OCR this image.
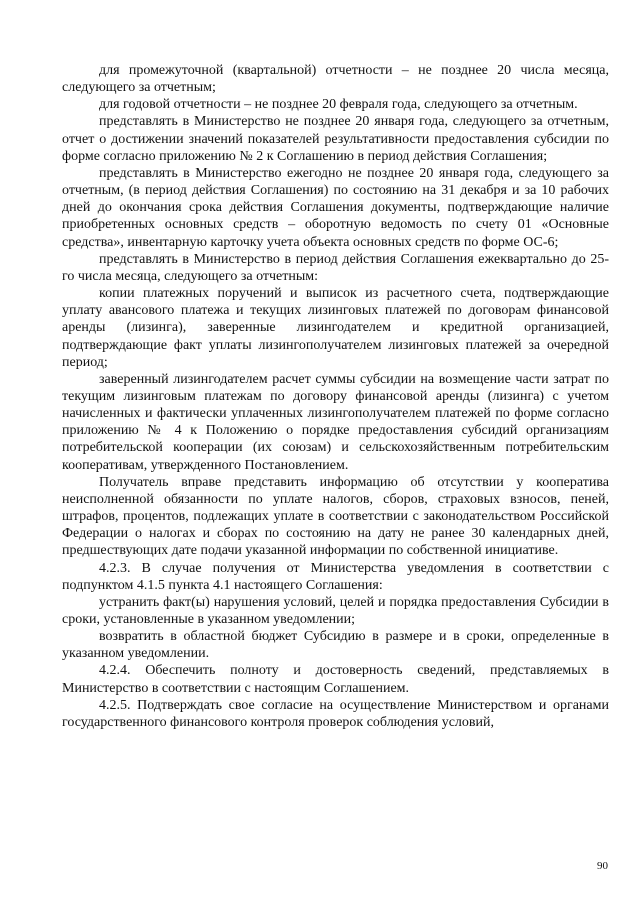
для промежуточной (квартальной) отчетности – не позднее 20 числа месяца, следующего за отчетным;

для годовой отчетности – не позднее 20 февраля года, следующего за отчетным.

представлять в Министерство не позднее 20 января года, следующего за отчетным, отчет о достижении значений показателей результативности предоставления субсидии по форме согласно приложению № 2 к Соглашению в период действия Соглашения;

представлять в Министерство ежегодно не позднее 20 января года, следующего за отчетным, (в период действия Соглашения) по состоянию на 31 декабря и за 10 рабочих дней до окончания срока действия Соглашения документы, подтверждающие наличие приобретенных основных средств – оборотную ведомость по счету 01 «Основные средства», инвентарную карточку учета объекта основных средств по форме ОС-6;

представлять в Министерство в период действия Соглашения ежеквартально до 25-го числа месяца, следующего за отчетным:

копии платежных поручений и выписок из расчетного счета, подтверждающие уплату авансового платежа и текущих лизинговых платежей по договорам финансовой аренды (лизинга), заверенные лизингодателем и кредитной организацией, подтверждающие факт уплаты лизингополучателем лизинговых платежей за очередной период;

заверенный лизингодателем расчет суммы субсидии на возмещение части затрат по текущим лизинговым платежам по договору финансовой аренды (лизинга) с учетом начисленных и фактически уплаченных лизингополучателем платежей по форме согласно приложению № 4 к Положению о порядке предоставления субсидий организациям потребительской кооперации (их союзам) и сельскохозяйственным потребительским кооперативам, утвержденного Постановлением.

Получатель вправе представить информацию об отсутствии у кооператива неисполненной обязанности по уплате налогов, сборов, страховых взносов, пеней, штрафов, процентов, подлежащих уплате в соответствии с законодательством Российской Федерации о налогах и сборах по состоянию на дату не ранее 30 календарных дней, предшествующих дате подачи указанной информации по собственной инициативе.

4.2.3. В случае получения от Министерства уведомления в соответствии с подпунктом 4.1.5 пункта 4.1 настоящего Соглашения:

устранить факт(ы) нарушения условий, целей и порядка предоставления Субсидии в сроки, установленные в указанном уведомлении;

возвратить в областной бюджет Субсидию в размере и в сроки, определенные в указанном уведомлении.

4.2.4. Обеспечить полноту и достоверность сведений, представляемых в Министерство в соответствии с настоящим Соглашением.

4.2.5. Подтверждать свое согласие на осуществление Министерством и органами государственного финансового контроля проверок соблюдения условий,

90
